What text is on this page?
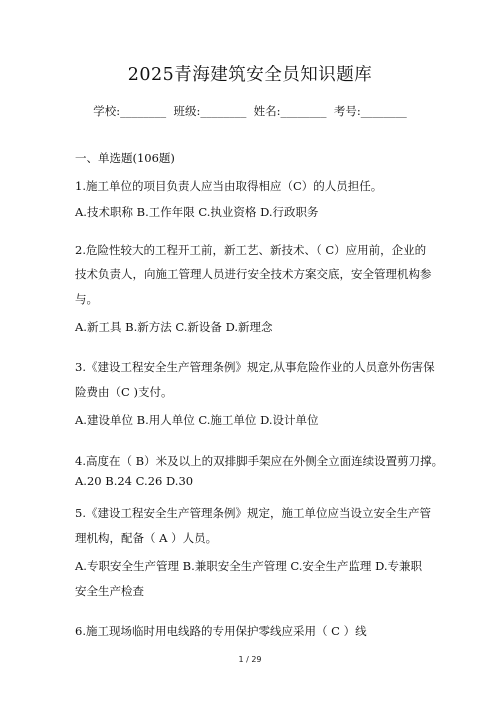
2025青海建筑安全员知识题库
学校:________  班级:________  姓名:________  考号:________
一、单选题(106题)
1.施工单位的项目负责人应当由取得相应（C）的人员担任。
A.技术职称 B.工作年限 C.执业资格 D.行政职务
2.危险性较大的工程开工前，新工艺、新技术、（ C）应用前，企业的
技术负责人，向施工管理人员进行安全技术方案交底，安全管理机构参
与。
A.新工具 B.新方法 C.新设备 D.新理念
3.《建设工程安全生产管理条例》规定,从事危险作业的人员意外伤害保
险费由（C )支付。
A.建设单位 B.用人单位 C.施工单位 D.设计单位
4.高度在（ B）米及以上的双排脚手架应在外侧全立面连续设置剪刀撑。
A.20 B.24 C.26 D.30
5.《建设工程安全生产管理条例》规定，施工单位应当设立安全生产管
理机构，配备（ A ）人员。
A.专职安全生产管理 B.兼职安全生产管理 C.安全生产监理 D.专兼职
安全生产检查
6.施工现场临时用电线路的专用保护零线应采用（ C ）线
1 / 29
